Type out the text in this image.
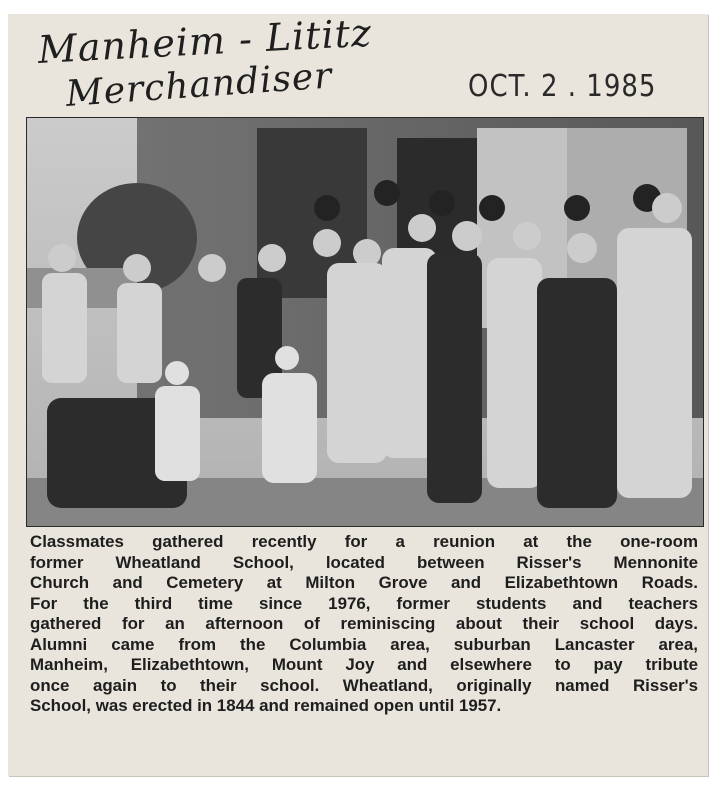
Manheim - Lititz
Merchandiser	OCT. 2 . 1985
Classmates gathered recently for a reunion at the one-room
former Wheatland School, located between Risser's Mennonite
Church and Cemetery at Milton Grove and Elizabethtown Roads.
For the third time since 1976, former students and teachers
gathered for an afternoon of reminiscing about their school days.
Alumni came from the Columbia area, suburban Lancaster area,
Manheim, Elizabethtown, Mount Joy and elsewhere to pay tribute
once again to their school. Wheatland, originally named Risser's
School, was erected in 1844 and remained open until 1957.
